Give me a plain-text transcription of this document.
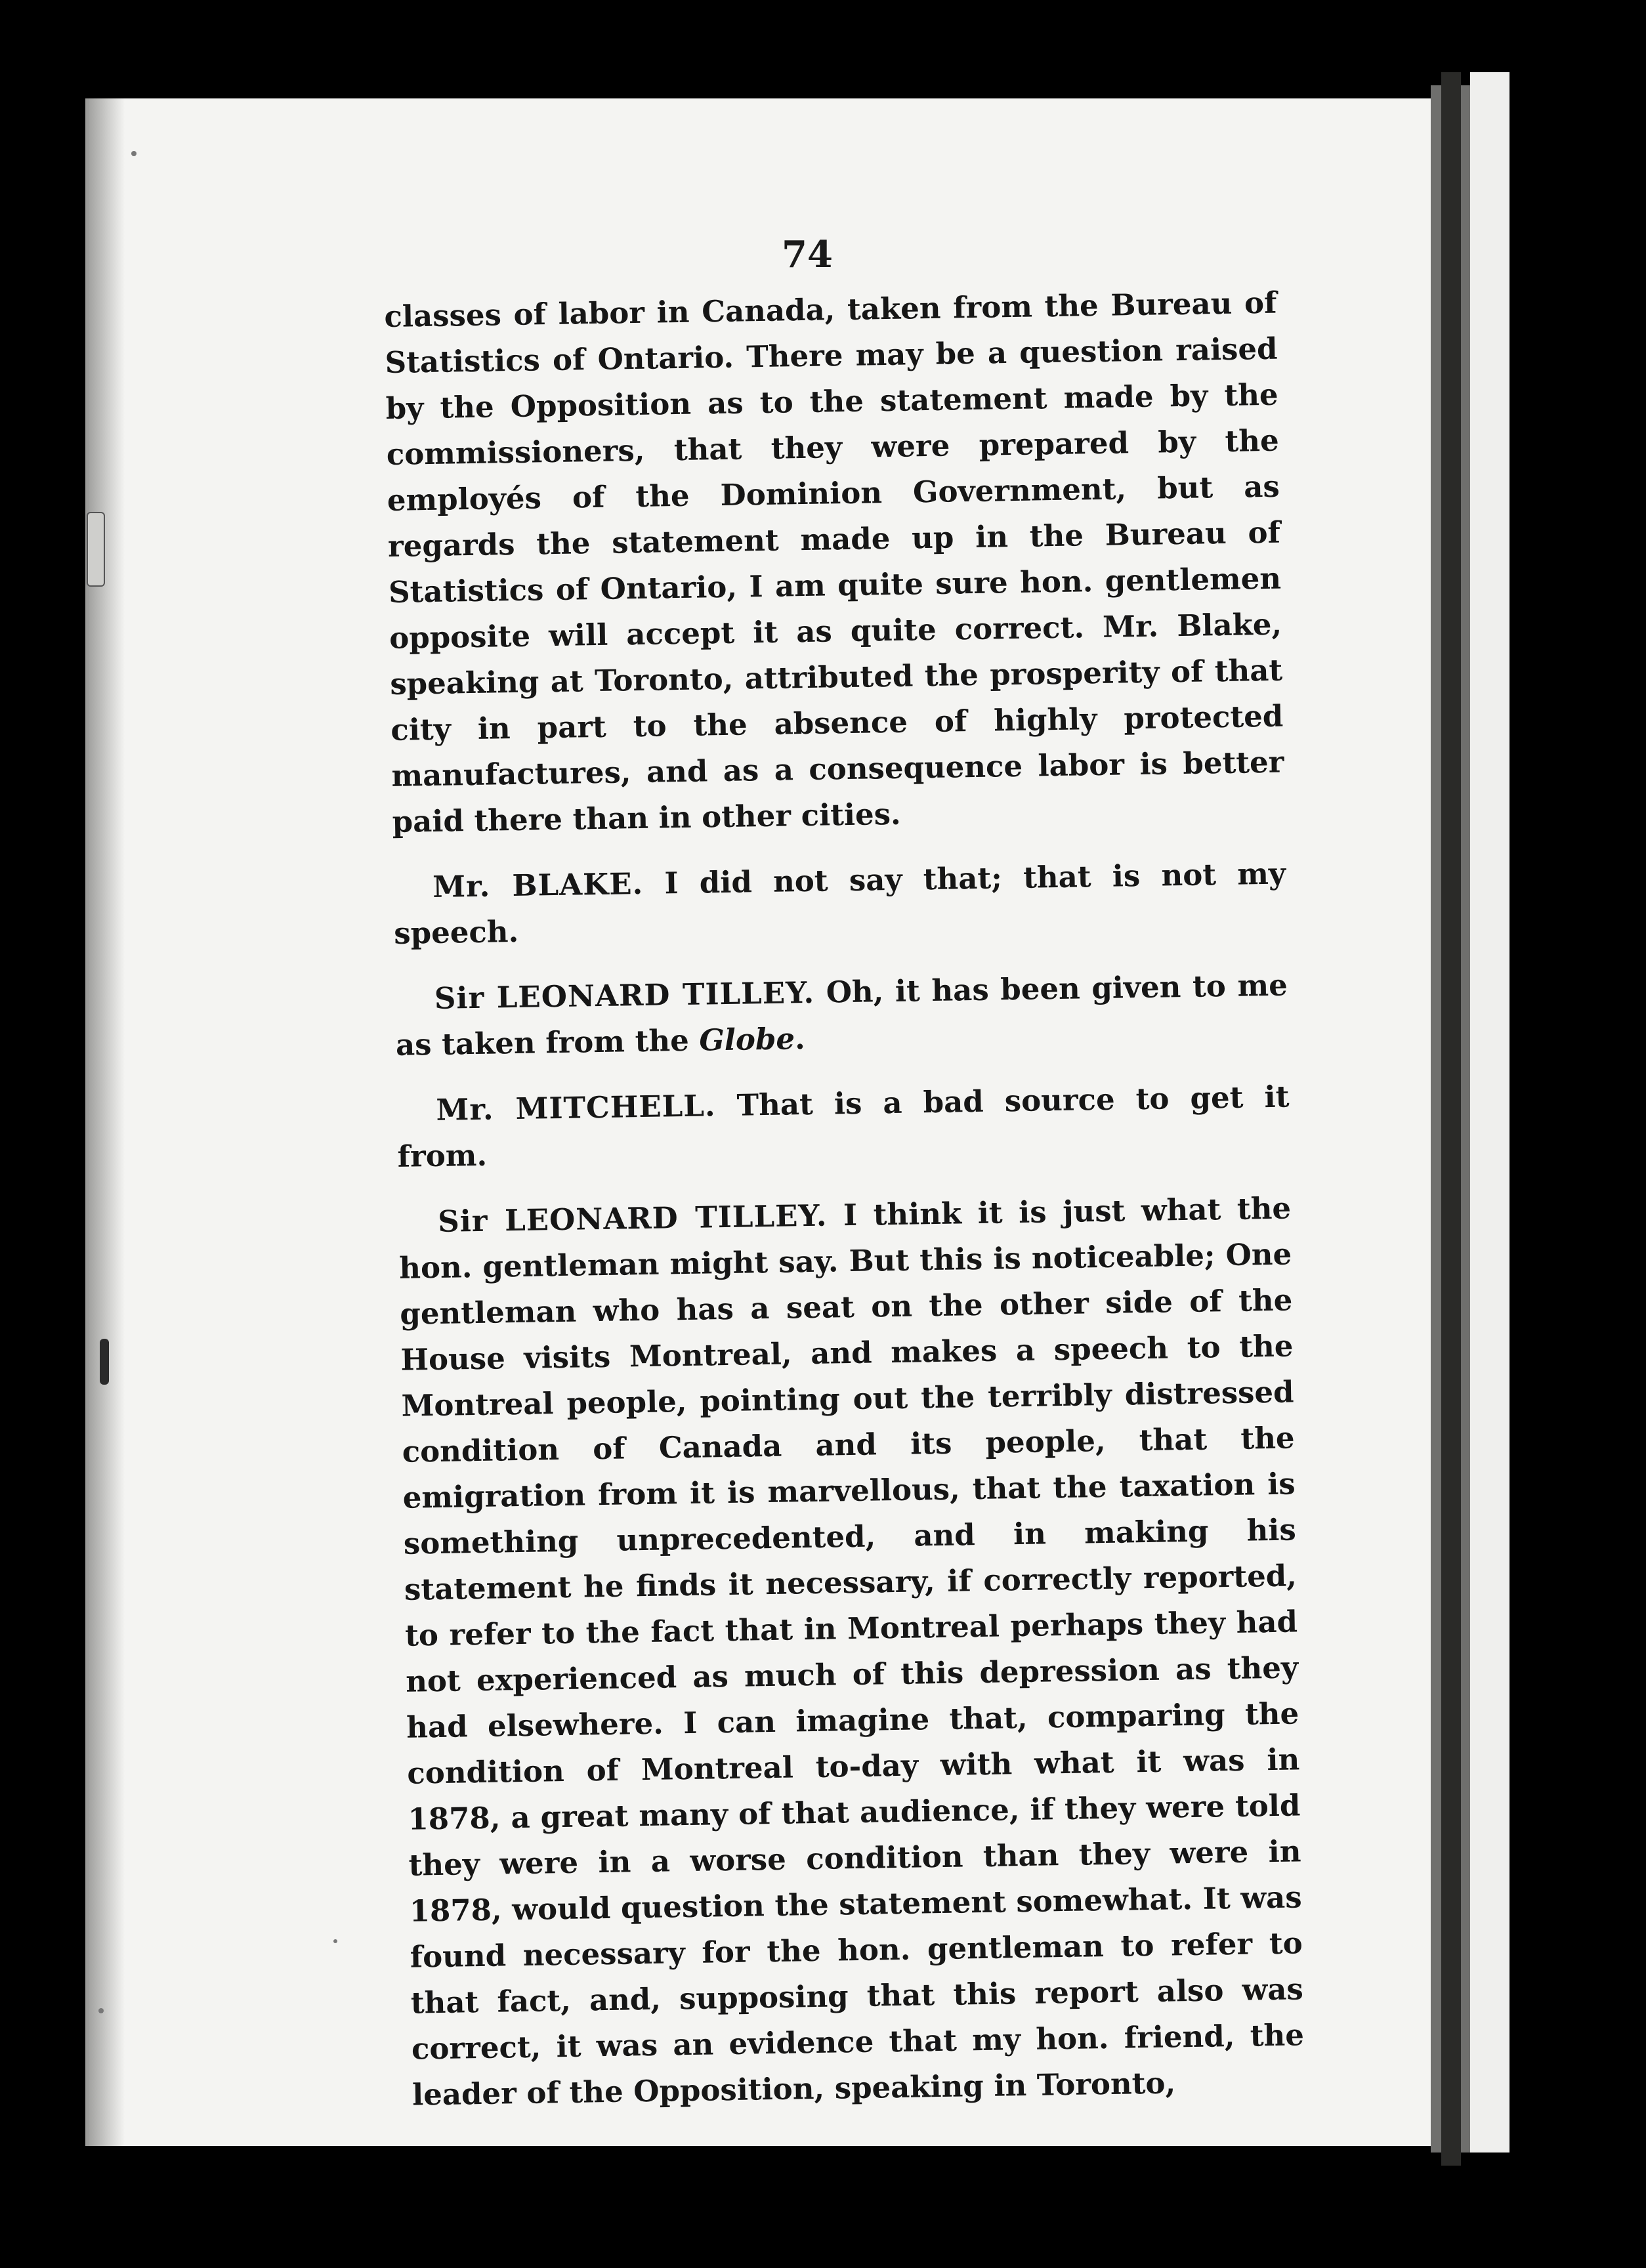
74

classes of labor in Canada, taken from the Bureau of Statistics of Ontario. There may be a question raised by the Opposition as to the statement made by the commissioners, that they were prepared by the employés of the Dominion Government, but as regards the statement made up in the Bureau of Statistics of Ontario, I am quite sure hon. gentlemen opposite will accept it as quite correct. Mr. Blake, speaking at Toronto, attributed the prosperity of that city in part to the absence of highly protected manufactures, and as a consequence labor is better paid there than in other cities.

Mr. BLAKE. I did not say that; that is not my speech.

Sir LEONARD TILLEY. Oh, it has been given to me as taken from the Globe.

Mr. MITCHELL. That is a bad source to get it from.

Sir LEONARD TILLEY. I think it is just what the hon. gentleman might say. But this is noticeable; One gentleman who has a seat on the other side of the House visits Montreal, and makes a speech to the Montreal people, pointing out the terribly distressed condition of Canada and its people, that the emigration from it is marvellous, that the taxation is something unprecedented, and in making his statement he finds it necessary, if correctly reported, to refer to the fact that in Montreal perhaps they had not experienced as much of this depression as they had elsewhere. I can imagine that, comparing the condition of Montreal to-day with what it was in 1878, a great many of that audience, if they were told they were in a worse condition than they were in 1878, would question the statement somewhat. It was found necessary for the hon. gentleman to refer to that fact, and, supposing that this report also was correct, it was an evidence that my hon. friend, the leader of the Opposition, speaking in Toronto,
